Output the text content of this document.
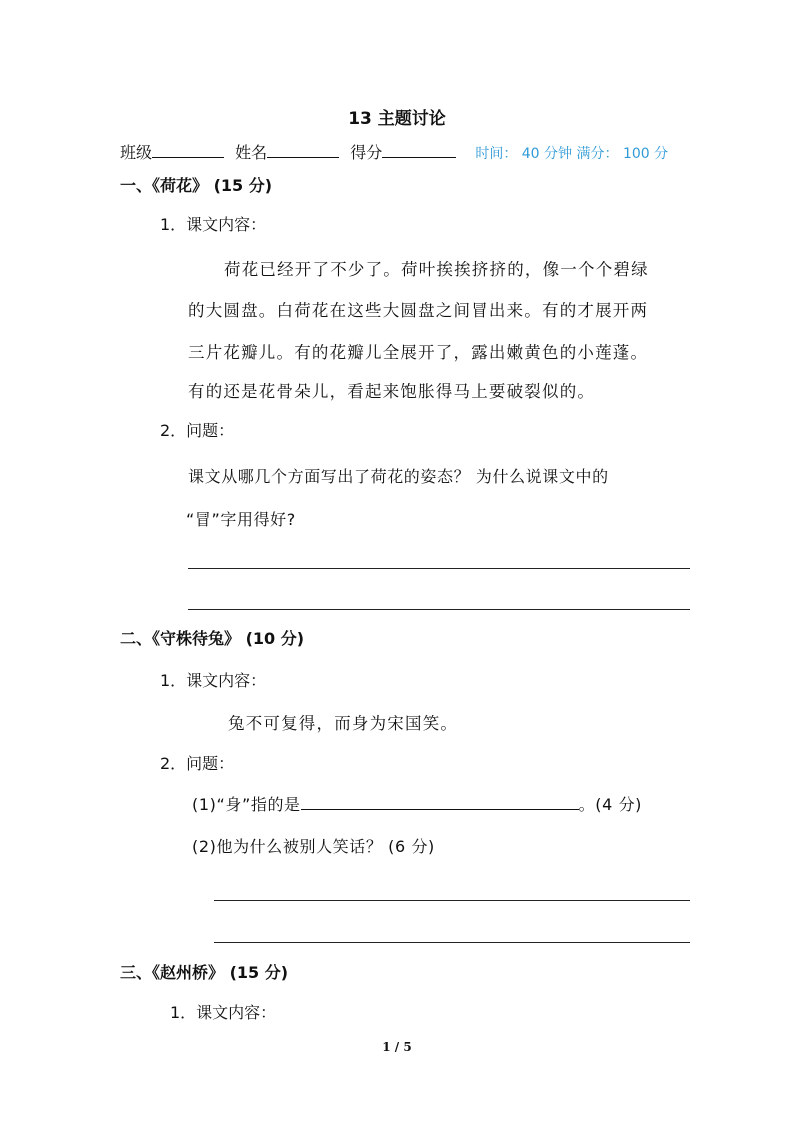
13 主题讨论
班级	姓名	得分	时间： 40 分钟 满分： 100 分
一、《荷花》 (15 分)
1．课文内容：
荷花已经开了不少了。荷叶挨挨挤挤的，像一个个碧绿
的大圆盘。白荷花在这些大圆盘之间冒出来。有的才展开两
三片花瓣儿。有的花瓣儿全展开了，露出嫩黄色的小莲蓬。
有的还是花骨朵儿，看起来饱胀得马上要破裂似的。
2．问题：
课文从哪几个方面写出了荷花的姿态？ 为什么说课文中的
“冒”字用得好?
二、《守株待兔》 (10 分)
1．课文内容：
兔不可复得，而身为宋国笑。
2．问题：
(1)“身”指的是	。(4 分)
(2)他为什么被别人笑话？ (6 分)
三、《赵州桥》 (15 分)
1．课文内容：
1 / 5
